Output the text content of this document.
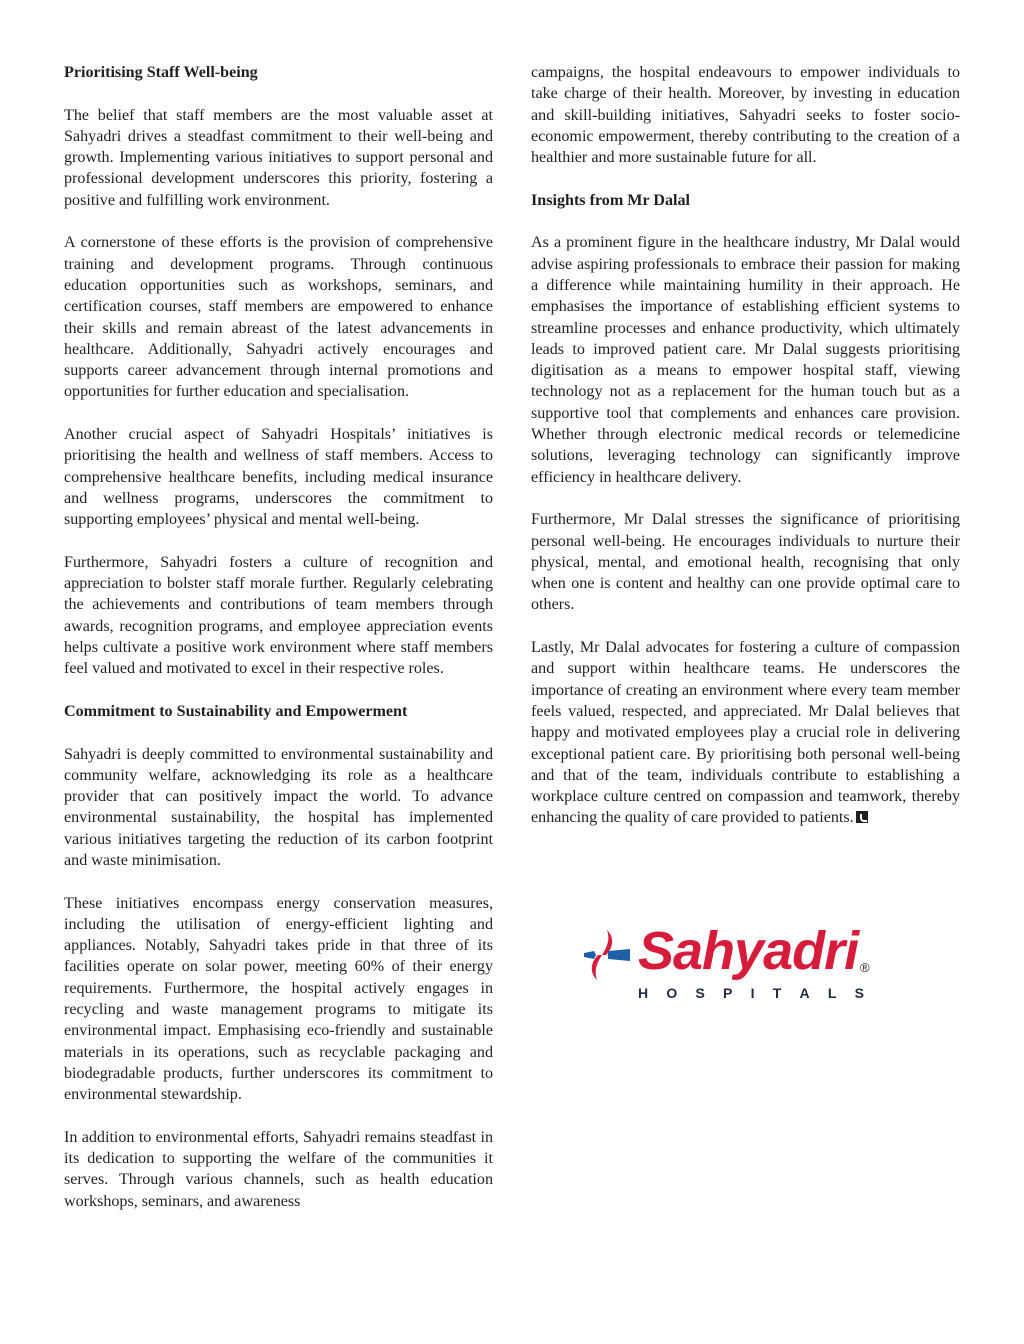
Prioritising Staff Well-being

The belief that staff members are the most valuable asset at Sahyadri drives a steadfast commitment to their well-being and growth. Implementing various initiatives to support personal and professional development underscores this priority, fostering a positive and fulfilling work environment.

A cornerstone of these efforts is the provision of comprehensive training and development programs. Through continuous education opportunities such as workshops, seminars, and certification courses, staff members are empowered to enhance their skills and remain abreast of the latest advancements in healthcare. Additionally, Sahyadri actively encourages and supports career advancement through internal promotions and opportunities for further education and specialisation.

Another crucial aspect of Sahyadri Hospitals’ initiatives is prioritising the health and wellness of staff members. Access to comprehensive healthcare benefits, including medical insurance and wellness programs, underscores the commitment to supporting employees’ physical and mental well-being.

Furthermore, Sahyadri fosters a culture of recognition and appreciation to bolster staff morale further. Regularly celebrating the achievements and contributions of team members through awards, recognition programs, and employee appreciation events helps cultivate a positive work environment where staff members feel valued and motivated to excel in their respective roles.

Commitment to Sustainability and Empowerment

Sahyadri is deeply committed to environmental sustainability and community welfare, acknowledging its role as a healthcare provider that can positively impact the world. To advance environmental sustainability, the hospital has implemented various initiatives targeting the reduction of its carbon footprint and waste minimisation.

These initiatives encompass energy conservation measures, including the utilisation of energy-efficient lighting and appliances. Notably, Sahyadri takes pride in that three of its facilities operate on solar power, meeting 60% of their energy requirements. Furthermore, the hospital actively engages in recycling and waste management programs to mitigate its environmental impact. Emphasising eco-friendly and sustainable materials in its operations, such as recyclable packaging and biodegradable products, further underscores its commitment to environmental stewardship.

In addition to environmental efforts, Sahyadri remains steadfast in its dedication to supporting the welfare of the communities it serves. Through various channels, such as health education workshops, seminars, and awareness

campaigns, the hospital endeavours to empower individuals to take charge of their health. Moreover, by investing in education and skill-building initiatives, Sahyadri seeks to foster socio-economic empowerment, thereby contributing to the creation of a healthier and more sustainable future for all.

Insights from Mr Dalal

As a prominent figure in the healthcare industry, Mr Dalal would advise aspiring professionals to embrace their passion for making a difference while maintaining humility in their approach. He emphasises the importance of establishing efficient systems to streamline processes and enhance productivity, which ultimately leads to improved patient care. Mr Dalal suggests prioritising digitisation as a means to empower hospital staff, viewing technology not as a replacement for the human touch but as a supportive tool that complements and enhances care provision. Whether through electronic medical records or telemedicine solutions, leveraging technology can significantly improve efficiency in healthcare delivery.

Furthermore, Mr Dalal stresses the significance of prioritising personal well-being. He encourages individuals to nurture their physical, mental, and emotional health, recognising that only when one is content and healthy can one provide optimal care to others.

Lastly, Mr Dalal advocates for fostering a culture of compassion and support within healthcare teams. He underscores the importance of creating an environment where every team member feels valued, respected, and appreciated. Mr Dalal believes that happy and motivated employees play a crucial role in delivering exceptional patient care. By prioritising both personal well-being and that of the team, individuals contribute to establishing a workplace culture centred on compassion and teamwork, thereby enhancing the quality of care provided to patients.

Sahyadri ®
H O S P I T A L S
